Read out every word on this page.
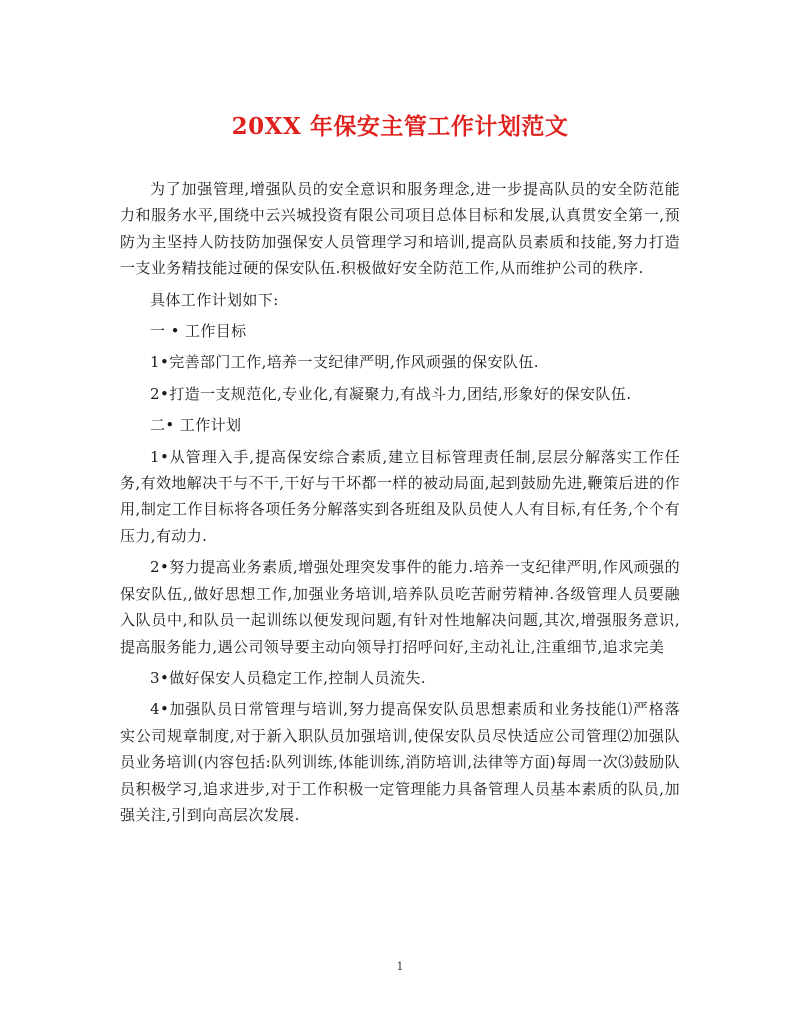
20XX 年保安主管工作计划范文

为了加强管理,增强队员的安全意识和服务理念,进一步提高队员的安全防范能力和服务水平,围绕中云兴城投资有限公司项目总体目标和发展,认真贯安全第一,预防为主坚持人防技防加强保安人员管理学习和培训,提高队员素质和技能,努力打造一支业务精技能过硬的保安队伍.积极做好安全防范工作,从而维护公司的秩序.

具体工作计划如下:

一 • 工作目标

1•完善部门工作,培养一支纪律严明,作风顽强的保安队伍.

2•打造一支规范化,专业化,有凝聚力,有战斗力,团结,形象好的保安队伍.

二• 工作计划

1•从管理入手,提高保安综合素质,建立目标管理责任制,层层分解落实工作任务,有效地解决干与不干,干好与干坏都一样的被动局面,起到鼓励先进,鞭策后进的作用,制定工作目标将各项任务分解落实到各班组及队员使人人有目标,有任务,个个有压力,有动力.

2•努力提高业务素质,增强处理突发事件的能力.培养一支纪律严明,作风顽强的保安队伍,,做好思想工作,加强业务培训,培养队员吃苦耐劳精神.各级管理人员要融入队员中,和队员一起训练以便发现问题,有针对性地解决问题,其次,增强服务意识,提高服务能力,遇公司领导要主动向领导打招呼问好,主动礼让,注重细节,追求完美

3•做好保安人员稳定工作,控制人员流失.

4•加强队员日常管理与培训,努力提高保安队员思想素质和业务技能⑴严格落实公司规章制度,对于新入职队员加强培训,使保安队员尽快适应公司管理⑵加强队员业务培训(内容包括:队列训练,体能训练,消防培训,法律等方面)每周一次⑶鼓励队员积极学习,追求进步,对于工作积极一定管理能力具备管理人员基本素质的队员,加强关注,引到向高层次发展.

1
